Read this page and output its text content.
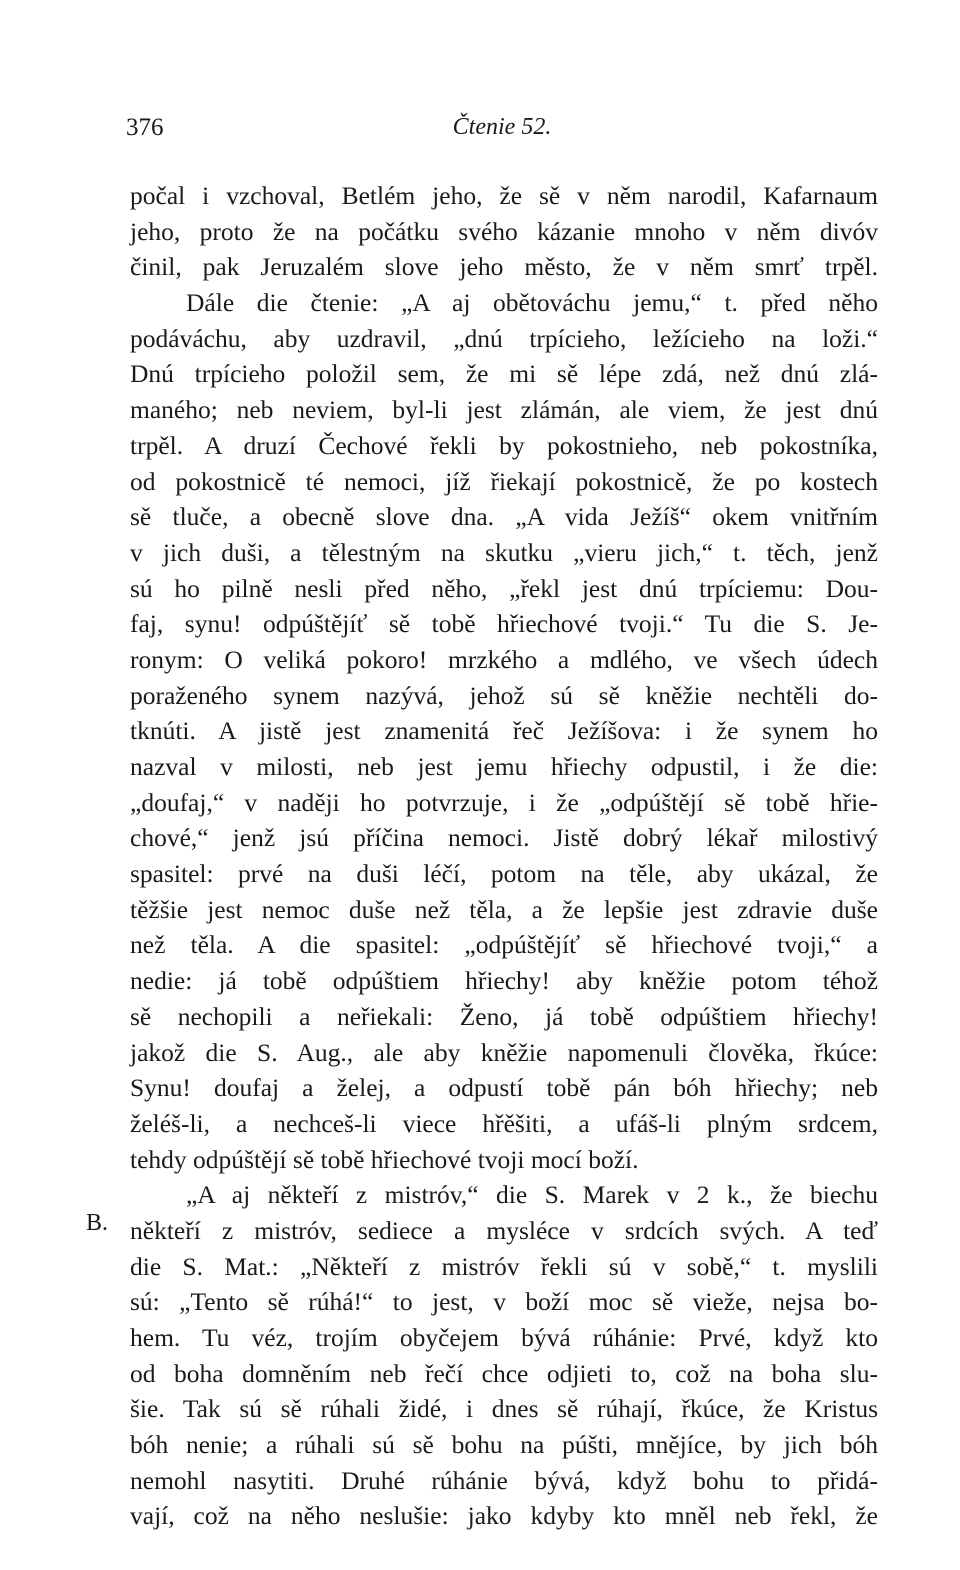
376	Čtenie 52.
B.
počal i vzchoval, Betlém jeho, že sě v něm narodil, Kafarnaum
jeho, proto že na počátku svého kázanie mnoho v něm divóv
činil, pak Jeruzalém slove jeho město, že v něm smrť trpěl.
Dále die čtenie: „A aj obětováchu jemu,“ t. před něho
podáváchu, aby uzdravil, „dnú trpícieho, ležícieho na loži.“
Dnú trpícieho položil sem, že mi sě lépe zdá, než dnú zlá-
maného; neb neviem, byl-li jest zlámán, ale viem, že jest dnú
trpěl. A druzí Čechové řekli by pokostnieho, neb pokostníka,
od pokostnicě té nemoci, jíž řiekají pokostnicě, že po kostech
sě tluče, a obecně slove dna. „A vida Ježíš“ okem vnitřním
v jich duši, a tělestným na skutku „vieru jich,“ t. těch, jenž
sú ho pilně nesli před něho, „řekl jest dnú trpíciemu: Dou-
faj, synu! odpúštějíť sě tobě hřiechové tvoji.“ Tu die S. Je-
ronym: O veliká pokoro! mrzkého a mdlého, ve všech údech
poraženého synem nazývá, jehož sú sě kněžie nechtěli do-
tknúti. A jistě jest znamenitá řeč Ježíšova: i že synem ho
nazval v milosti, neb jest jemu hřiechy odpustil, i že die:
„doufaj,“ v naději ho potvrzuje, i že „odpúštějí sě tobě hřie-
chové,“ jenž jsú příčina nemoci. Jistě dobrý lékař milostivý
spasitel: prvé na duši léčí, potom na těle, aby ukázal, že
těžšie jest nemoc duše než těla, a že lepšie jest zdravie duše
než těla. A die spasitel: „odpúštějíť sě hřiechové tvoji,“ a
nedie: já tobě odpúštiem hřiechy! aby kněžie potom téhož
sě nechopili a neřiekali: Ženo, já tobě odpúštiem hřiechy!
jakož die S. Aug., ale aby kněžie napomenuli člověka, řkúce:
Synu! doufaj a želej, a odpustí tobě pán bóh hřiechy; neb
želéš-li, a nechceš-li viece hřěšiti, a ufáš-li plným srdcem,
tehdy odpúštějí sě tobě hřiechové tvoji mocí boží.
„A aj někteří z mistróv,“ die S. Marek v 2 k., že biechu
někteří z mistróv, sediece a mysléce v srdcích svých. A teď
die S. Mat.: „Někteří z mistróv řekli sú v sobě,“ t. myslili
sú: „Tento sě rúhá!“ to jest, v boží moc sě vieže, nejsa bo-
hem. Tu véz, trojím obyčejem bývá rúhánie: Prvé, když kto
od boha domněním neb řečí chce odjieti to, což na boha slu-
šie. Tak sú sě rúhali židé, i dnes sě rúhají, řkúce, že Kristus
bóh nenie; a rúhali sú sě bohu na púšti, mnějíce, by jich bóh
nemohl nasytiti. Druhé rúhánie bývá, když bohu to přidá-
vají, což na něho neslušie: jako kdyby kto mněl neb řekl, že
